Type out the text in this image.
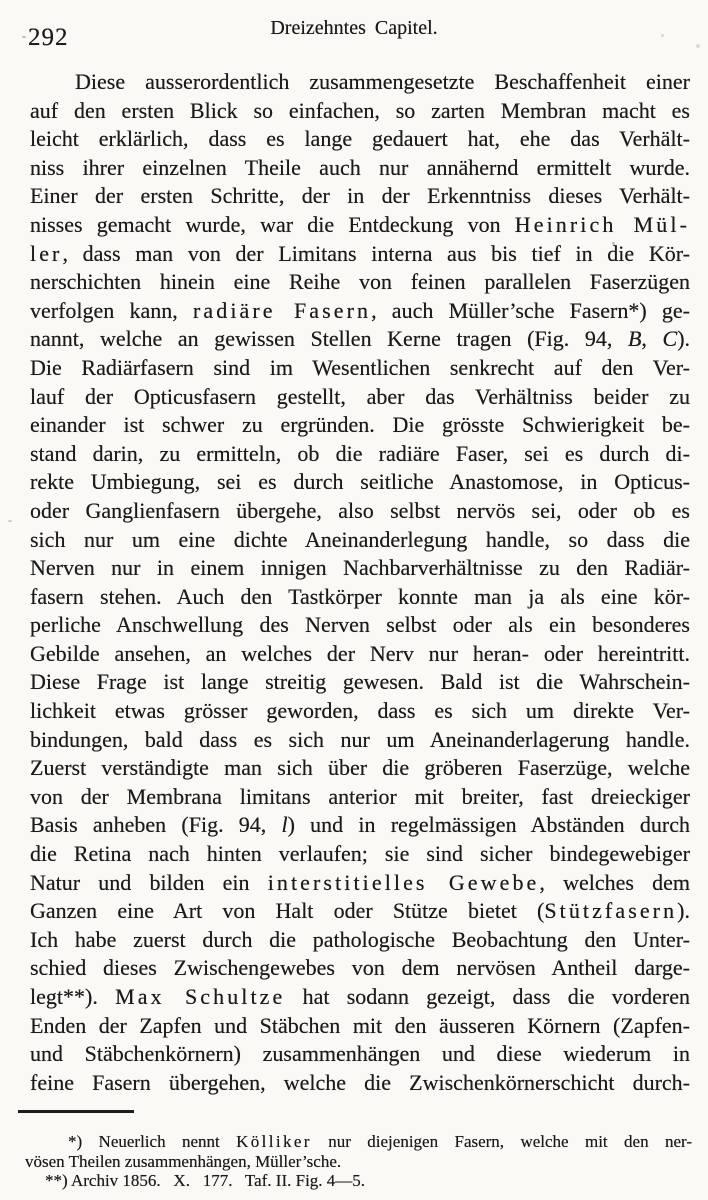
292	Dreizehntes Capitel.
Diese ausserordentlich zusammengesetzte Beschaffenheit einer
auf den ersten Blick so einfachen, so zarten Membran macht es
leicht erklärlich, dass es lange gedauert hat, ehe das Verhält-
niss ihrer einzelnen Theile auch nur annähernd ermittelt wurde.
Einer der ersten Schritte, der in der Erkenntniss dieses Verhält-
nisses gemacht wurde, war die Entdeckung von Heinrich Mül-
ler, dass man von der Limitans interna aus bis tief in die Kör-
nerschichten hinein eine Reihe von feinen parallelen Faserzügen
verfolgen kann, radiäre Fasern, auch Müller’sche Fasern*) ge-
nannt, welche an gewissen Stellen Kerne tragen (Fig. 94, B, C).
Die Radiärfasern sind im Wesentlichen senkrecht auf den Ver-
lauf der Opticusfasern gestellt, aber das Verhältniss beider zu
einander ist schwer zu ergründen. Die grösste Schwierigkeit be-
stand darin, zu ermitteln, ob die radiäre Faser, sei es durch di-
rekte Umbiegung, sei es durch seitliche Anastomose, in Opticus-
oder Ganglienfasern übergehe, also selbst nervös sei, oder ob es
sich nur um eine dichte Aneinanderlegung handle, so dass die
Nerven nur in einem innigen Nachbarverhältnisse zu den Radiär-
fasern stehen. Auch den Tastkörper konnte man ja als eine kör-
perliche Anschwellung des Nerven selbst oder als ein besonderes
Gebilde ansehen, an welches der Nerv nur heran- oder hereintritt.
Diese Frage ist lange streitig gewesen. Bald ist die Wahrschein-
lichkeit etwas grösser geworden, dass es sich um direkte Ver-
bindungen, bald dass es sich nur um Aneinanderlagerung handle.
Zuerst verständigte man sich über die gröberen Faserzüge, welche
von der Membrana limitans anterior mit breiter, fast dreieckiger
Basis anheben (Fig. 94, l) und in regelmässigen Abständen durch
die Retina nach hinten verlaufen; sie sind sicher bindegewebiger
Natur und bilden ein interstitielles Gewebe, welches dem
Ganzen eine Art von Halt oder Stütze bietet (Stützfasern).
Ich habe zuerst durch die pathologische Beobachtung den Unter-
schied dieses Zwischengewebes von dem nervösen Antheil darge-
legt**). Max Schultze hat sodann gezeigt, dass die vorderen
Enden der Zapfen und Stäbchen mit den äusseren Körnern (Zapfen-
und Stäbchenkörnern) zusammenhängen und diese wiederum in
feine Fasern übergehen, welche die Zwischenkörnerschicht durch-
*) Neuerlich nennt Kölliker nur diejenigen Fasern, welche mit den ner-
vösen Theilen zusammenhängen, Müller’sche.
**) Archiv 1856.  X.  177.  Taf. II. Fig. 4—5.
